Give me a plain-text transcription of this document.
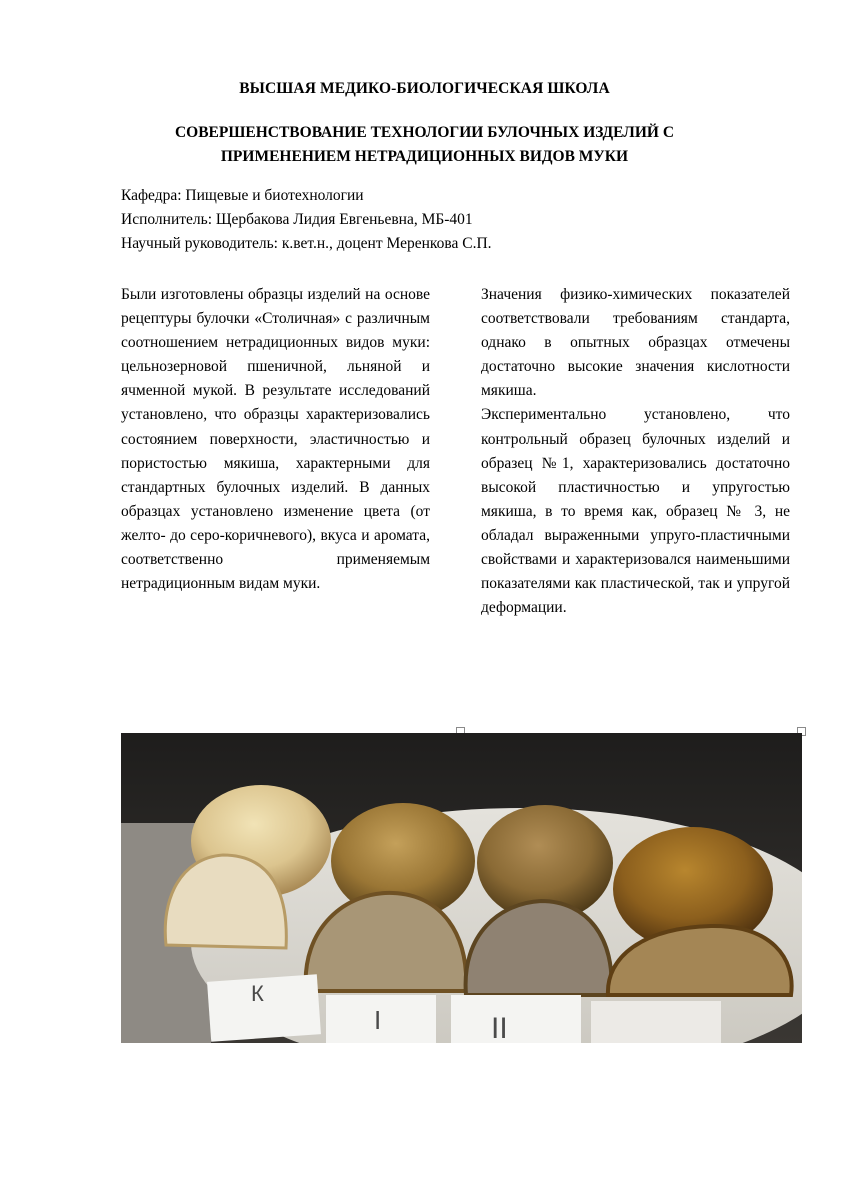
ВЫСШАЯ МЕДИКО-БИОЛОГИЧЕСКАЯ ШКОЛА
СОВЕРШЕНСТВОВАНИЕ ТЕХНОЛОГИИ БУЛОЧНЫХ ИЗДЕЛИЙ С
ПРИМЕНЕНИЕМ НЕТРАДИЦИОННЫХ ВИДОВ МУКИ
Кафедра: Пищевые и биотехнологии
Исполнитель: Щербакова Лидия Евгеньевна, МБ-401
Научный руководитель: к.вет.н., доцент Меренкова С.П.

Были изготовлены образцы изделий на основе рецептуры булочки «Столичная» с различным соотношением нетрадиционных видов муки: цельнозерновой пшеничной, льняной и ячменной мукой. В результате исследований установлено, что образцы характеризовались состоянием поверхности, эластичностью и пористостью мякиша, характерными для стандартных булочных изделий. В данных образцах установлено изменение цвета (от желто- до серо-коричневого), вкуса и аромата, соответственно применяемым нетрадиционным видам муки.

Значения физико-химических показателей соответствовали требованиям стандарта, однако в опытных образцах отмечены достаточно высокие значения кислотности мякиша.

Экспериментально установлено, что контрольный образец булочных изделий и образец №1, характеризовались достаточно высокой пластичностью и упругостью мякиша, в то время как, образец № 3, не обладал выраженными упруго-пластичными свойствами и характеризовался наименьшими показателями как пластической, так и упругой деформации.

К
I	II
